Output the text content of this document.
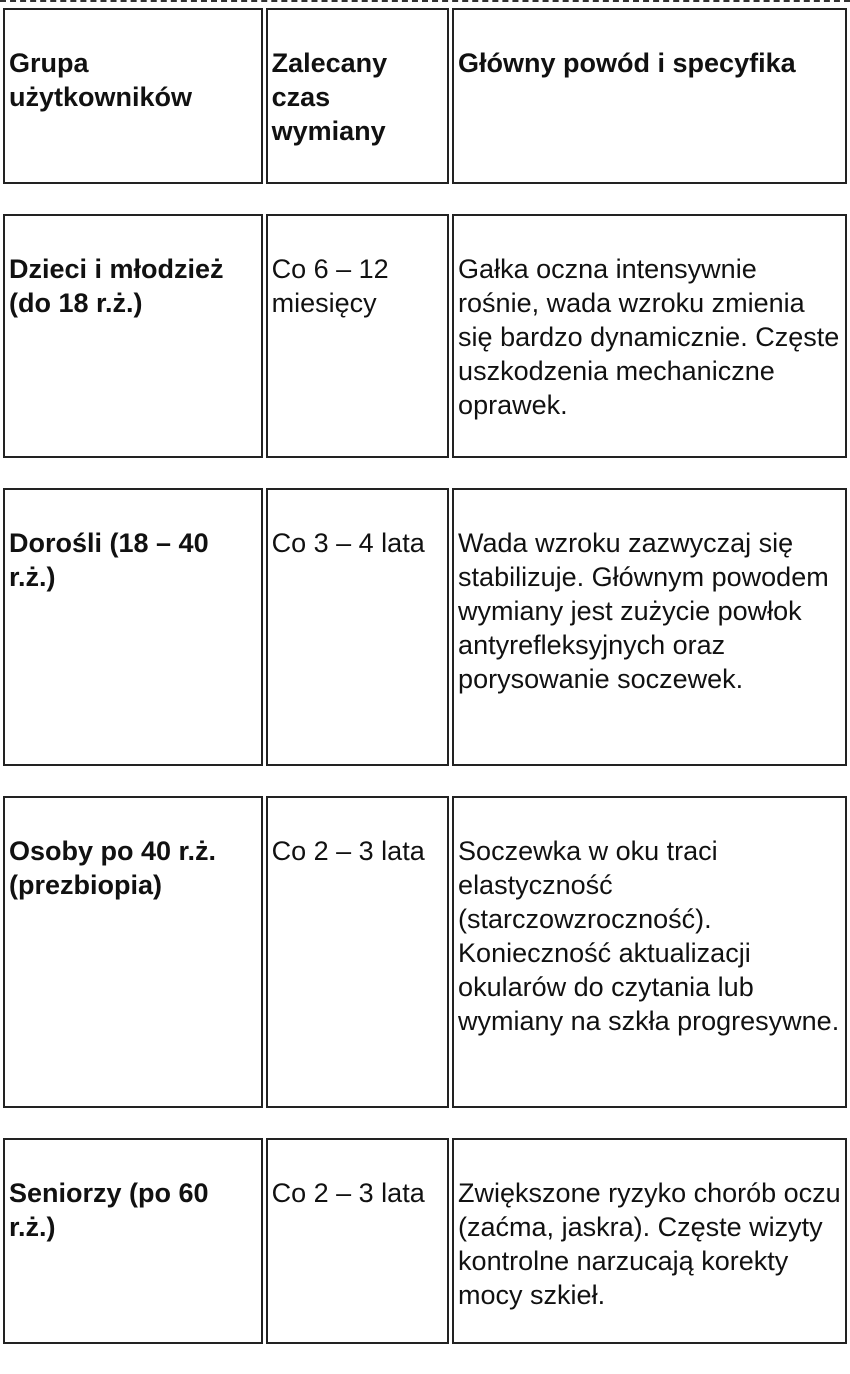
Grupa użytkowników	Zalecany czas wymiany	Główny powód i specyfika

Dzieci i młodzież (do 18 r.ż.)	Co 6 – 12 miesięcy	Gałka oczna intensywnie rośnie, wada wzroku zmienia się bardzo dynamicznie. Częste uszkodzenia mechaniczne oprawek.

Dorośli (18 – 40 r.ż.)	Co 3 – 4 lata	Wada wzroku zazwyczaj się stabilizuje. Głównym powodem wymiany jest zużycie powłok antyrefleksyjnych oraz porysowanie soczewek.

Osoby po 40 r.ż. (prezbiopia)	Co 2 – 3 lata	Soczewka w oku traci elastyczność (starczowzroczność). Konieczność aktualizacji okularów do czytania lub wymiany na szkła progresywne.

Seniorzy (po 60 r.ż.)	Co 2 – 3 lata	Zwiększone ryzyko chorób oczu (zaćma, jaskra). Częste wizyty kontrolne narzucają korekty mocy szkieł.
